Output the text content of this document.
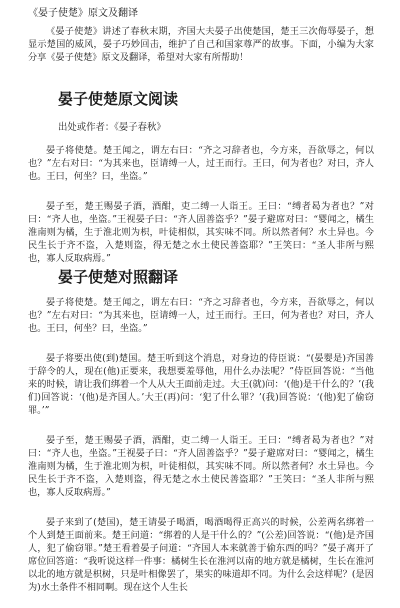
《晏子使楚》原文及翻译

《晏子使楚》讲述了春秋末期，齐国大夫晏子出使楚国，楚王三次侮辱晏子，想显示楚国的威风，晏子巧妙回击，维护了自己和国家尊严的故事。下面，小编为大家分享《晏子使楚》原文及翻译，希望对大家有所帮助！

晏子使楚原文阅读
出处或作者：《晏子春秋》

晏子将使楚。楚王闻之，谓左右曰：“齐之习辞者也，今方来，吾欲辱之，何以也？”左右对曰：“为其来也，臣请缚一人，过王而行。王曰，何为者也？对曰，齐人也。王曰，何坐？曰，坐盗。”

晏子至，楚王赐晏子酒，酒酣，吏二缚一人诣王。王曰：“缚者曷为者也？”对曰：“齐人也，坐盗。”王视晏子曰：“齐人固善盗乎？”晏子避席对曰：“婴闻之，橘生淮南则为橘，生于淮北则为枳，叶徒相似，其实味不同。所以然者何？水土异也。今民生长于齐不盗，入楚则盗，得无楚之水土使民善盗耶？”王笑曰：“圣人非所与熙也，寡人反取病焉。”

晏子使楚对照翻译

晏子将使楚。楚王闻之，谓左右曰：“齐之习辞者也，今方来，吾欲辱之，何以也？”左右对曰：“为其来也，臣请缚一人，过王而行。王曰，何为者也？对曰，齐人也。王曰，何坐？曰，坐盗。”

晏子将要出使(到)楚国。楚王听到这个消息，对身边的侍臣说：“(晏婴是)齐国善于辞令的人，现在(他)正要来，我想要羞辱他，用什么办法呢？”侍臣回答说：“当他来的时候，请让我们绑着一个人从大王面前走过。大王(就)问：‘(他)是干什么的？’(我们)回答说：‘(他)是齐国人。’大王(再)问：‘犯了什么罪？’(我)回答说：‘(他)犯了偷窃罪。’”

晏子至，楚王赐晏子酒，酒酣，吏二缚一人诣王。王曰：“缚者曷为者也？”对曰：“齐人也，坐盗。”王视晏子曰：“齐人固善盗乎？”晏子避席对曰：“婴闻之，橘生淮南则为橘，生于淮北则为枳，叶徒相似，其实味不同。所以然者何？水土异也。今民生长于齐不盗，入楚则盗，得无楚之水土使民善盗耶？”王笑曰：“圣人非所与熙也，寡人反取病焉。”

晏子来到了(楚国)，楚王请晏子喝酒，喝酒喝得正高兴的时候，公差两名绑着一个人到楚王面前来。楚王问道：“绑着的人是干什么的？”(公差)回答说：“(他)是齐国人，犯了偷窃罪。”楚王看着晏子问道：“齐国人本来就善于偷东西的吗？”晏子离开了席位回答道：“我听说这样一件事：橘树生长在淮河以南的地方就是橘树，生长在淮河以北的地方就是枳树，只是叶相像罢了，果实的味道却不同。为什么会这样呢？(是因为)水土条件不相同啊。现在这个人生长
